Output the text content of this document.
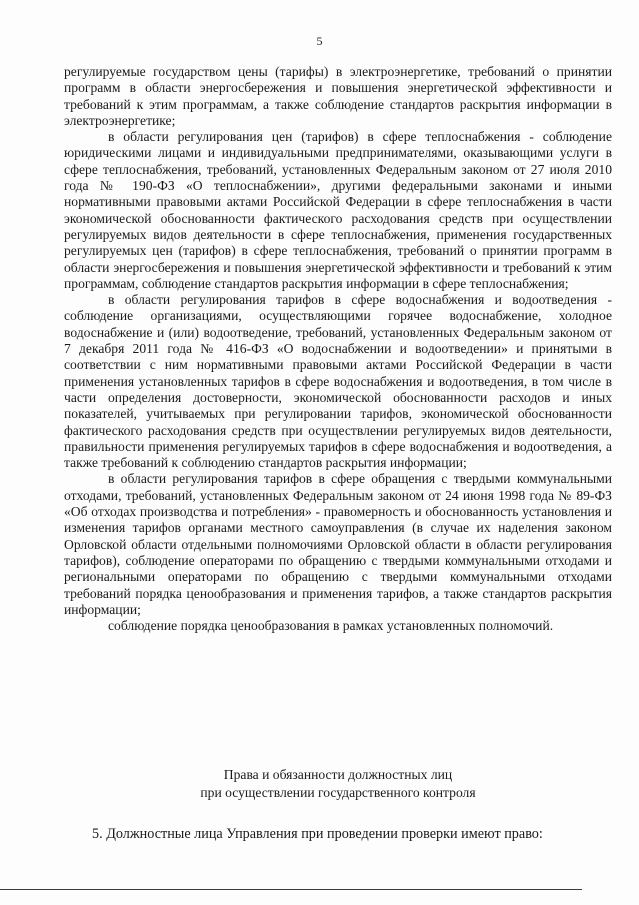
5

регулируемые государством цены (тарифы) в электроэнергетике, требований о принятии программ в области энергосбережения и повышения энергетической эффективности и требований к этим программам, а также соблюдение стандартов раскрытия информации в электроэнергетике;

в области регулирования цен (тарифов) в сфере теплоснабжения - соблюдение юридическими лицами и индивидуальными предпринимателями, оказывающими услуги в сфере теплоснабжения, требований, установленных Федеральным законом от 27 июля 2010 года № 190-ФЗ «О теплоснабжении», другими федеральными законами и иными нормативными правовыми актами Российской Федерации в сфере теплоснабжения в части экономической обоснованности фактического расходования средств при осуществлении регулируемых видов деятельности в сфере теплоснабжения, применения государственных регулируемых цен (тарифов) в сфере теплоснабжения, требований о принятии программ в области энергосбережения и повышения энергетической эффективности и требований к этим программам, соблюдение стандартов раскрытия информации в сфере теплоснабжения;

в области регулирования тарифов в сфере водоснабжения и водоотведения - соблюдение организациями, осуществляющими горячее водоснабжение, холодное водоснабжение и (или) водоотведение, требований, установленных Федеральным законом от 7 декабря 2011 года № 416-ФЗ «О водоснабжении и водоотведении» и принятыми в соответствии с ним нормативными правовыми актами Российской Федерации в части применения установленных тарифов в сфере водоснабжения и водоотведения, в том числе в части определения достоверности, экономической обоснованности расходов и иных показателей, учитываемых при регулировании тарифов, экономической обоснованности фактического расходования средств при осуществлении регулируемых видов деятельности, правильности применения регулируемых тарифов в сфере водоснабжения и водоотведения, а также требований к соблюдению стандартов раскрытия информации;

в области регулирования тарифов в сфере обращения с твердыми коммунальными отходами, требований, установленных Федеральным законом от 24 июня 1998 года № 89-ФЗ «Об отходах производства и потребления» - правомерность и обоснованность установления и изменения тарифов органами местного самоуправления (в случае их наделения законом Орловской области отдельными полномочиями Орловской области в области регулирования тарифов), соблюдение операторами по обращению с твердыми коммунальными отходами и региональными операторами по обращению с твердыми коммунальными отходами требований порядка ценообразования и применения тарифов, а также стандартов раскрытия информации;

соблюдение порядка ценообразования в рамках установленных полномочий.

Права и обязанности должностных лиц
при осуществлении государственного контроля
5. Должностные лица Управления при проведении проверки имеют право:
